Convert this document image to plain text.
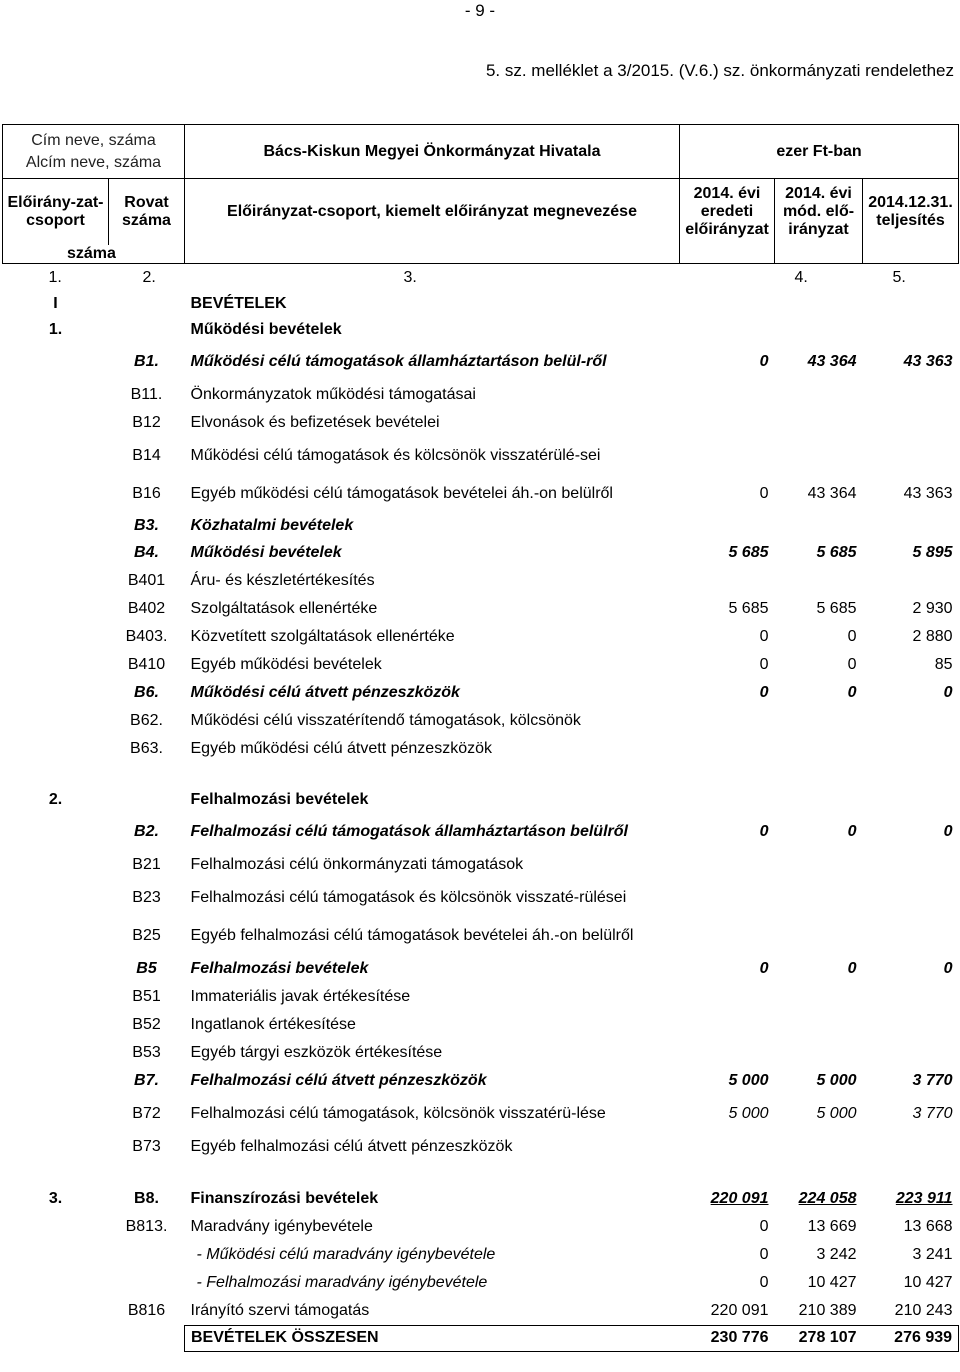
- 9 -
5. sz. melléklet a 3/2015. (V.6.) sz. önkormányzati rendelethez
Cím neve, száma
Alcím neve, száma		Bács-Kiskun Megyei Önkormányzat Hivatala	ezer Ft-ban		
Előirány-zat-csoport	Rovat száma	Előirányzat-csoport, kiemelt előirányzat megnevezése	2014. évi eredeti előirányzat	2014. évi mód. elő-irányzat	2014.12.31. teljesítés
száma					

1. 2. 3. 4. 5.					

I		BEVÉTELEK			
1.		Működési bevételek			
	B1.	Működési célú támogatások államháztartáson belül-ről	0	43 364	43 363
	B11.	Önkormányzatok működési támogatásai			
	B12	Elvonások és befizetések bevételei			
	B14	Működési célú támogatások és kölcsönök visszatérülé-sei			
	B16	Egyéb működési célú támogatások bevételei áh.-on belülről	0	43 364	43 363
	B3.	Közhatalmi bevételek			
	B4.	Működési bevételek	5 685	5 685	5 895
	B401	Áru- és készletértékesítés			
	B402	Szolgáltatások ellenértéke	5 685	5 685	2 930
	B403.	Közvetített szolgáltatások ellenértéke	0	0	2 880
	B410	Egyéb működési bevételek	0	0	85
	B6.	Működési célú átvett pénzeszközök	0	0	0
	B62.	Működési célú visszatérítendő támogatások, kölcsönök			
	B63.	Egyéb működési célú átvett pénzeszközök			

2.		Felhalmozási bevételek			
	B2.	Felhalmozási célú támogatások államháztartáson belülről	0	0	0
	B21	Felhalmozási célú önkormányzati támogatások			
	B23	Felhalmozási célú támogatások és kölcsönök visszaté-rülései			
	B25	Egyéb felhalmozási célú támogatások bevételei áh.-on belülről			
	B5	Felhalmozási bevételek	0	0	0
	B51	Immateriális javak értékesítése			
	B52	Ingatlanok értékesítése			
	B53	Egyéb tárgyi eszközök értékesítése			
	B7.	Felhalmozási célú átvett pénzeszközök	5 000	5 000	3 770
	B72	Felhalmozási célú támogatások, kölcsönök visszatérü-lése	5 000	5 000	3 770
	B73	Egyéb felhalmozási célú átvett pénzeszközök			

3.	B8.	Finanszírozási bevételek	220 091	224 058	223 911
	B813.	Maradvány igénybevétele	0	13 669	13 668
		- Működési célú maradvány igénybevétele	0	3 242	3 241
		- Felhalmozási maradvány igénybevétele	0	10 427	10 427
	B816	Irányító szervi támogatás	220 091	210 389	210 243
		BEVÉTELEK ÖSSZESEN	230 776	278 107	276 939
